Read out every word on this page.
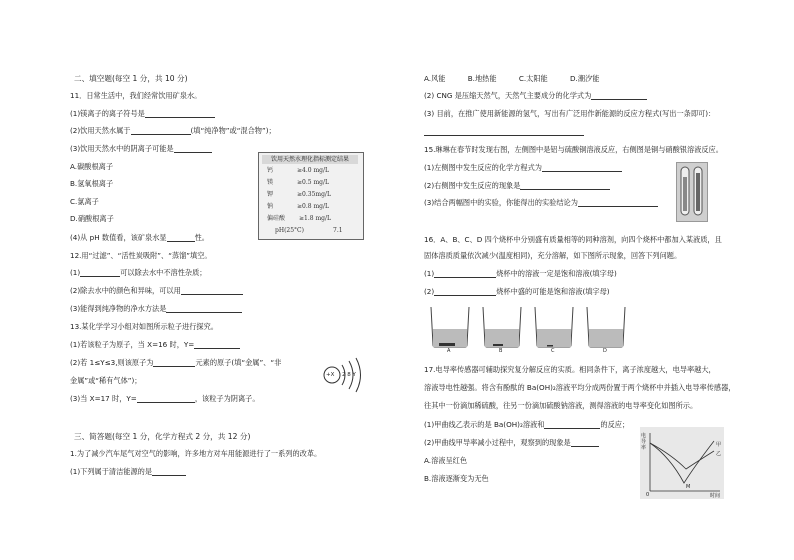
二、填空题(每空 1 分，共 10 分)
11．日常生活中，我们经常饮用矿泉水。
(1)镁离子的离子符号是
(2)饮用天然水属于	(填“纯净物”或“混合物”)；
(3)饮用天然水中的阴离子可能是
A.碳酸根离子
B.氢氧根离子
C.氯离子
D.硝酸根离子
(4)从 pH 数值看，该矿泉水显	性。
12.用“过滤”、“活性炭吸附”、“蒸馏”填空。
(1)	可以除去水中不溶性杂质；
(2)除去水中的颜色和异味，可以用
(3)能得到纯净物的净水方法是
13.某化学学习小组对如图所示粒子进行探究。
(1)若该粒子为原子，当 X=16 时，Y=
(2)若 1≤Y≤3,则该原子为	元素的原子(填“金属”、“非
金属”或“稀有气体”)；
(3)当 X=17 时，Y=	，该粒子为阴离子。
三、简答题(每空 1 分，化学方程式 2 分，共 12 分)
1.为了减少汽车尾气对空气的影响，许多地方对车用能源进行了一系列的改革。
(1)下列属于清洁能源的是
饮用天然水理化指标测定结果
钙	≥4.0 mg/L
镁	≥0.5 mg/L
钾	≥0.35mg/L
钠	≥0.8 mg/L
偏硅酸 ≥1.8 mg/L
pH(25°C)	7.1
+X 2 8 Y
A.风能	B.地热能	C.太阳能	D.潮汐能
(2) CNG 是压缩天然气，天然气主要成分的化学式为
(3) 目前，在推广使用新能源的氢气，写出有广泛用作新能源的反应方程式(写出一条即可)：
15.琳琳在春节时发现右图，左侧图中是铝与硫酸铜溶液反应，右侧图是铜与硝酸银溶液反应。
(1)左侧图中发生反应的化学方程式为
(2)右侧图中发生反应的现象是
(3)结合两幅图中的实验，你能得出的实验结论为
16．A、B、C、D 四个烧杯中分别盛有质量相等的同种溶剂，向四个烧杯中都加入某液质，且
固体溶质质量依次减少(温度相同)，充分溶解，如下图所示现象，回答下列问题。
(1)	烧杯中的溶液一定是饱和溶液(填字母)
(2)	烧杯中盛的可能是饱和溶液(填字母)
17.电导率传感器可辅助探究复分解反应的实质。相同条件下，离子浓度越大，电导率越大，
溶液导电性越强。将含有酚酞的 Ba(OH)₂溶液平均分成两份置于两个烧杯中并插入电导率传感器，
往其中一份滴加稀硫酸，往另一份滴加硫酸钠溶液，测得溶液的电导率变化如图所示。
(1)甲曲线乙表示的是 Ba(OH)₂溶液和	的反应；
(2)甲曲线甲导率减小过程中，观察到的现象是
A.溶液呈红色
B.溶液逐渐变为无色
A	B	C	D
电导率
时间
甲
乙
0
M
